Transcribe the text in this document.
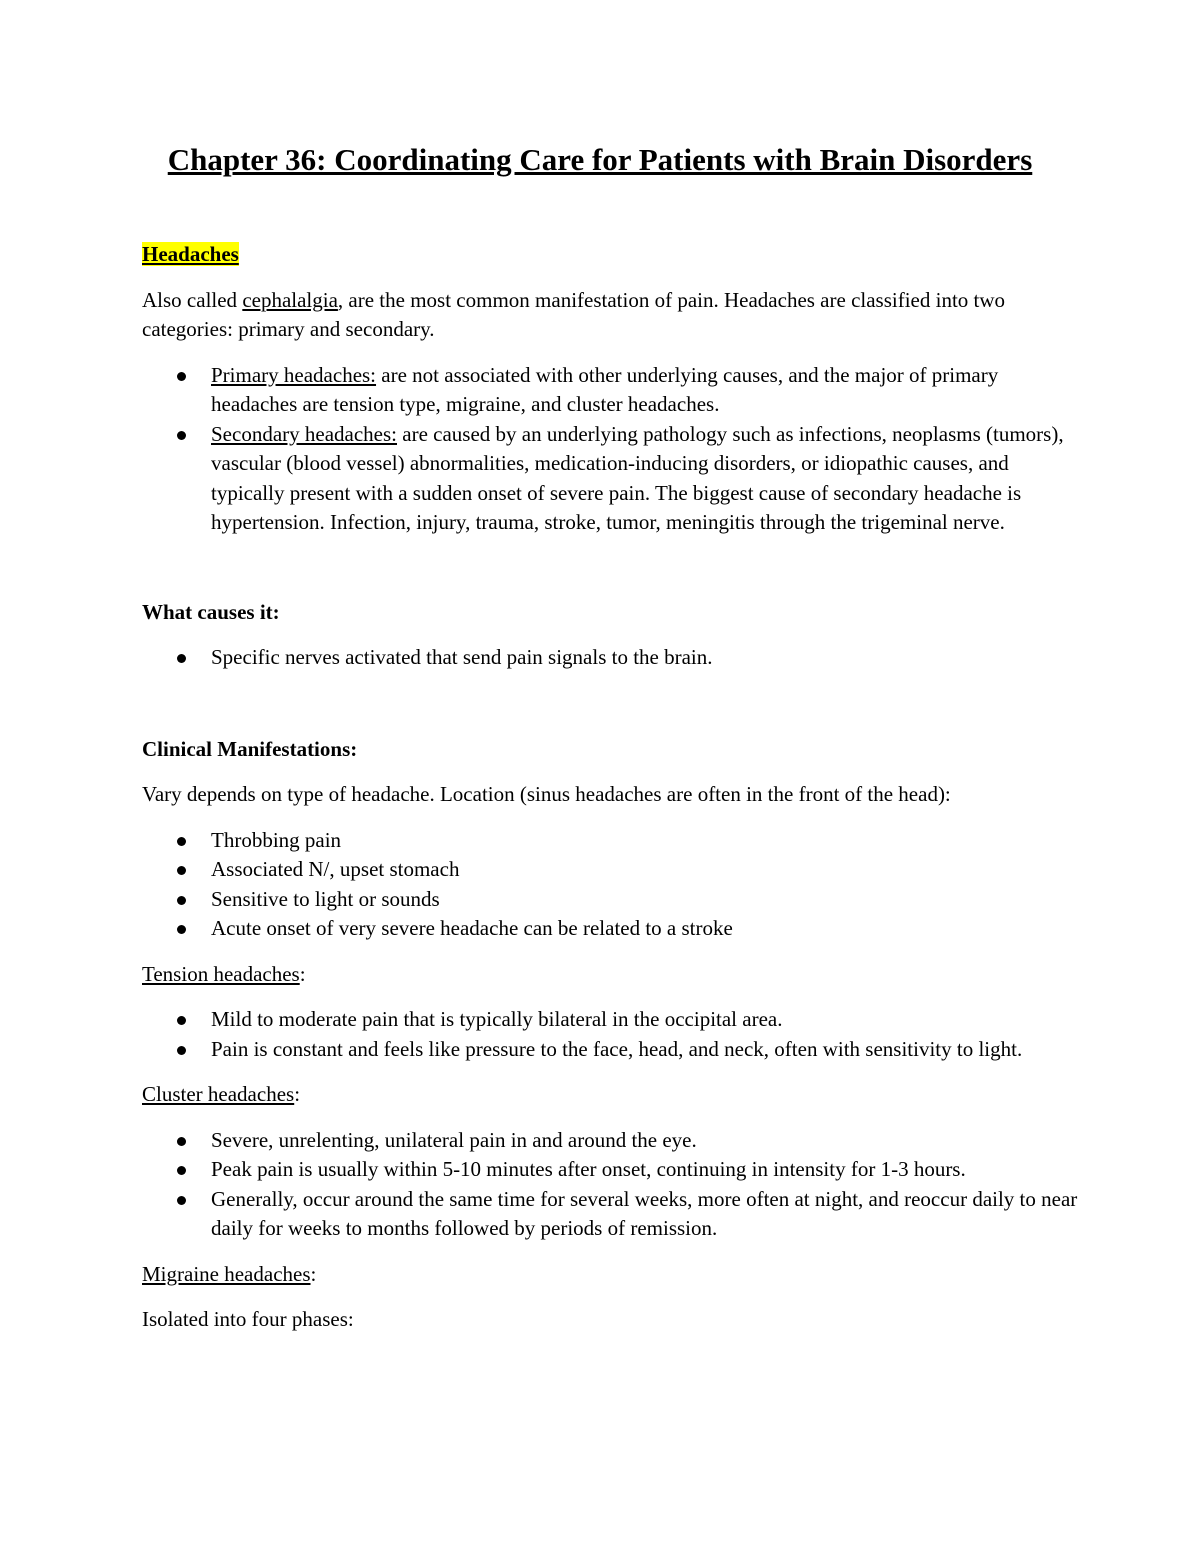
Chapter 36: Coordinating Care for Patients with Brain Disorders

Headaches

Also called cephalalgia, are the most common manifestation of pain. Headaches are classified into two categories: primary and secondary.

Primary headaches: are not associated with other underlying causes, and the major of primary headaches are tension type, migraine, and cluster headaches.
Secondary headaches: are caused by an underlying pathology such as infections, neoplasms (tumors), vascular (blood vessel) abnormalities, medication-inducing disorders, or idiopathic causes, and typically present with a sudden onset of severe pain. The biggest cause of secondary headache is hypertension. Infection, injury, trauma, stroke, tumor, meningitis through the trigeminal nerve.

What causes it:

Specific nerves activated that send pain signals to the brain.

Clinical Manifestations:

Vary depends on type of headache. Location (sinus headaches are often in the front of the head):

Throbbing pain
Associated N/, upset stomach
Sensitive to light or sounds
Acute onset of very severe headache can be related to a stroke

Tension headaches:

Mild to moderate pain that is typically bilateral in the occipital area.
Pain is constant and feels like pressure to the face, head, and neck, often with sensitivity to light.

Cluster headaches:

Severe, unrelenting, unilateral pain in and around the eye.
Peak pain is usually within 5-10 minutes after onset, continuing in intensity for 1-3 hours.
Generally, occur around the same time for several weeks, more often at night, and reoccur daily to near daily for weeks to months followed by periods of remission.

Migraine headaches:

Isolated into four phases:
